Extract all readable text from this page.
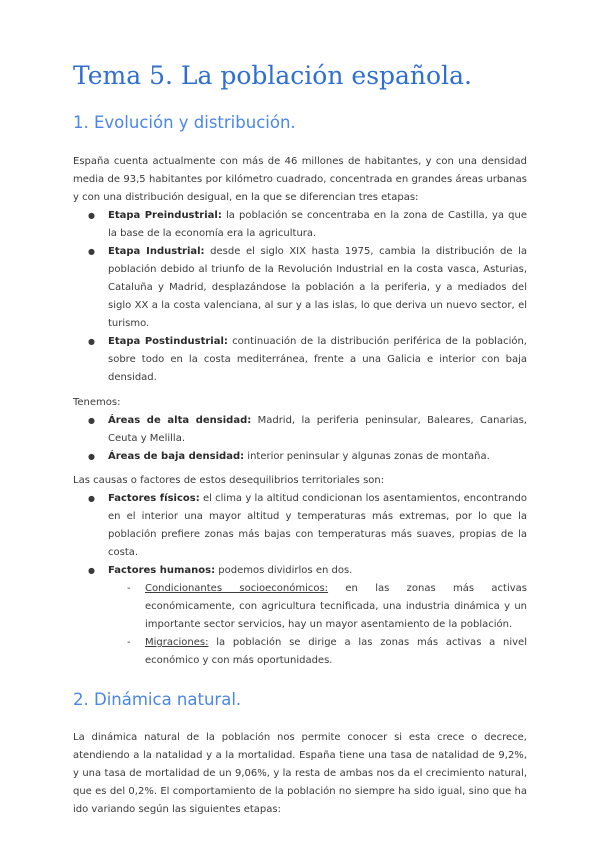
Tema 5. La población española.
1. Evolución y distribución.

España cuenta actualmente con más de 46 millones de habitantes, y con una densidad media de 93,5 habitantes por kilómetro cuadrado, concentrada en grandes áreas urbanas y con una distribución desigual, en la que se diferencian tres etapas:

● Etapa Preindustrial: la población se concentraba en la zona de Castilla, ya que la base de la economía era la agricultura.
● Etapa Industrial: desde el siglo XIX hasta 1975, cambia la distribución de la población debido al triunfo de la Revolución Industrial en la costa vasca, Asturias, Cataluña y Madrid, desplazándose la población a la periferia, y a mediados del siglo XX a la costa valenciana, al sur y a las islas, lo que deriva un nuevo sector, el turismo.
● Etapa Postindustrial: continuación de la distribución periférica de la población, sobre todo en la costa mediterránea, frente a una Galicia e interior con baja densidad.

Tenemos:

● Áreas de alta densidad: Madrid, la periferia peninsular, Baleares, Canarias, Ceuta y Melilla.
● Áreas de baja densidad: interior peninsular y algunas zonas de montaña.

Las causas o factores de estos desequilibrios territoriales son:

● Factores físicos: el clima y la altitud condicionan los asentamientos, encontrando en el interior una mayor altitud y temperaturas más extremas, por lo que la población prefiere zonas más bajas con temperaturas más suaves, propias de la costa.
● Factores humanos: podemos dividirlos en dos.
- Condicionantes socioeconómicos: en las zonas más activas económicamente, con agricultura tecnificada, una industria dinámica y un importante sector servicios, hay un mayor asentamiento de la población.
- Migraciones: la población se dirige a las zonas más activas a nivel económico y con más oportunidades.
2. Dinámica natural.

La dinámica natural de la población nos permite conocer si esta crece o decrece, atendiendo a la natalidad y a la mortalidad. España tiene una tasa de natalidad de 9,2%, y una tasa de mortalidad de un 9,06%, y la resta de ambas nos da el crecimiento natural, que es del 0,2%. El comportamiento de la población no siempre ha sido igual, sino que ha ido variando según las siguientes etapas:
